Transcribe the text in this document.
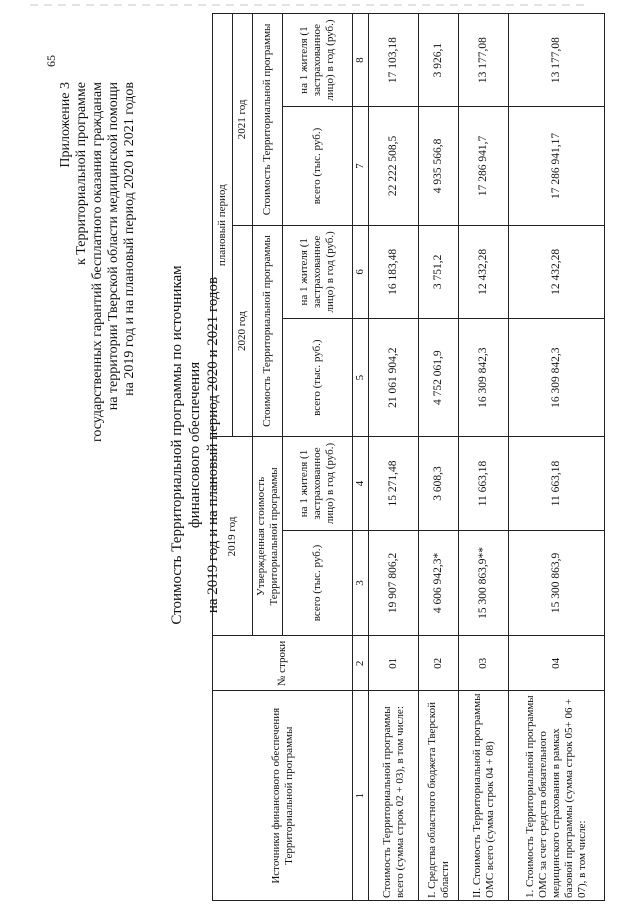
65
Приложение 3 к Территориальной программе государственных гарантий бесплатного оказания гражданам на территории Тверской области медицинской помощи на 2019 год и на плановый период 2020 и 2021 годов
Стоимость Территориальной программы по источникам финансового обеспечения на 2019 год и на плановый период 2020 и 2021 годов
Источники финансового обеспечения Территориальной программы	№ строки	2019 год		плановый период			
				2020 год		2021 год	
		Утвержденная стоимость Территориальной программы		Стоимость Территориальной программы		Стоимость Территориальной программы	
		всего (тыс. руб.)	на 1 жителя (1 застрахованное лицо) в год (руб.)	всего (тыс. руб.)	на 1 жителя (1 застрахованное лицо) в год (руб.)	всего (тыс. руб.)	на 1 жителя (1 застрахованное лицо) в год (руб.)
1	2	3	4	5	6	7	8
Стоимость Территориальной программы всего (сумма строк 02 + 03), в том числе:	01	19 907 806,2	15 271,48	21 061 904,2	16 183,48	22 222 508,5	17 103,18
I. Средства областного бюджета Тверской области	02	4 606 942,3*	3 608,3	4 752 061,9	3 751,2	4 935 566,8	3 926,1
II. Стоимость Территориальной программы ОМС всего (сумма строк 04 + 08)	03	15 300 863,9**	11 663,18	16 309 842,3	12 432,28	17 286 941,7	13 177,08
1. Стоимость Территориальной программы ОМС за счет средств обязательного медицинского страхования в рамках базовой программы (сумма строк 05+ 06 + 07), в том числе:	04	15 300 863,9	11 663,18	16 309 842,3	12 432,28	17 286 941,17	13 177,08
